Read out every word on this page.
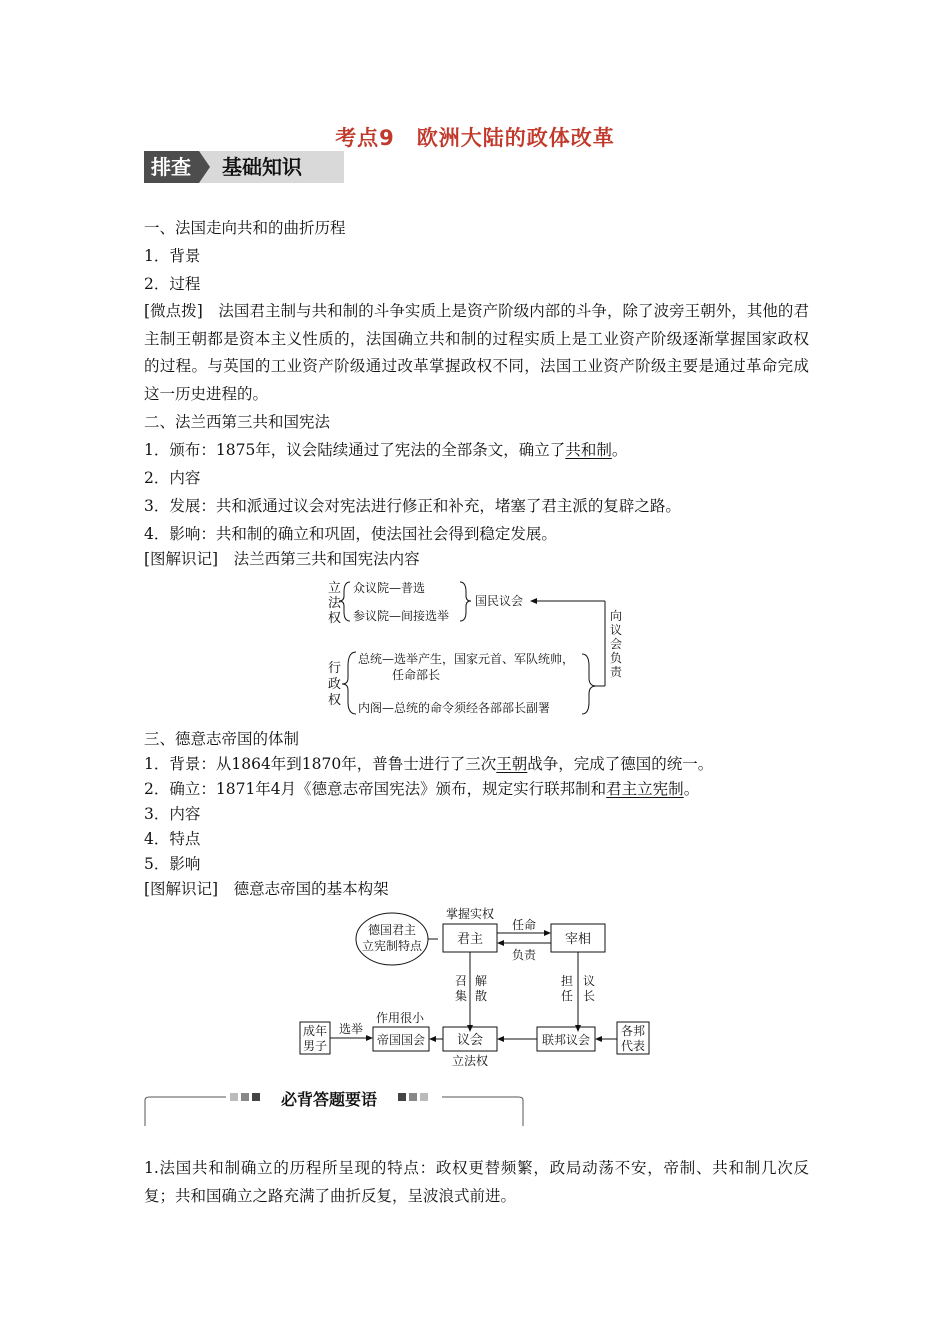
考点9　欧洲大陆的政体改革
排查 基础知识
一、法国走向共和的曲折历程
1．背景
2．过程
[微点拨]　 法国君主制与共和制的斗争实质上是资产阶级内部的斗争，除了波旁王朝外，其他的君主制王朝都是资本主义性质的，法国确立共和制的过程实质上是工业资产阶级逐渐掌握国家政权的过程。与英国的工业资产阶级通过改革掌握政权不同，法国工业资产阶级主要是通过革命完成这一历史进程的。
二、法兰西第三共和国宪法
1．颁布：1875年，议会陆续通过了宪法的全部条文，确立了共和制。
2．内容
3．发展：共和派通过议会对宪法进行修正和补充，堵塞了君主派的复辟之路。
4．影响：共和制的确立和巩固，使法国社会得到稳定发展。
[图解识记]　 法兰西第三共和国宪法内容
立
法
权
众议院—普选
参议院—间接选举
国民议会
向
议
会
负
责
行
政
权
总统—选举产生，国家元首、军队统帅，
任命部长
内阁—总统的命令须经各部部长副署
三、德意志帝国的体制
1．背景：从1864年到1870年，普鲁士进行了三次王朝战争，完成了德国的统一。
2．确立：1871年4月《德意志帝国宪法》颁布，规定实行联邦制和君主立宪制。
3．内容
4．特点
5．影响
[图解识记]　 德意志帝国的基本构架
德国君主
立宪制特点
掌握实权
君主	宰相
任命
负责
召
集
解
散
担
任
议
长
成年
男子
选举
作用很小
帝国国会 议会	联邦议会
各邦
代表
立法权
必背答题要语
1.法国共和制确立的历程所呈现的特点：政权更替频繁，政局动荡不安，帝制、共和制几次反复；共和国确立之路充满了曲折反复，呈波浪式前进。
